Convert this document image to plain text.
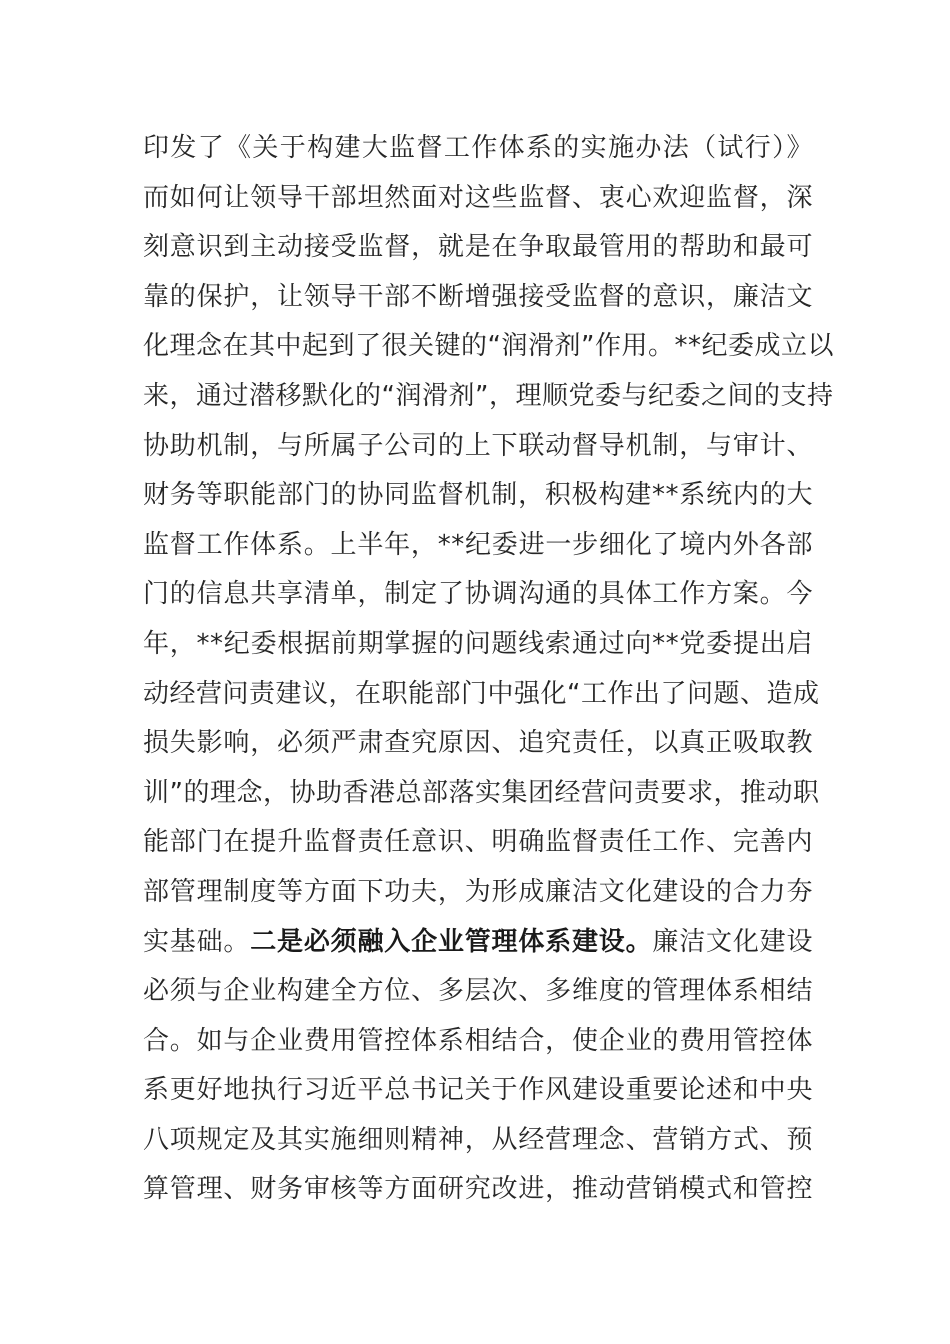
印发了《关于构建大监督工作体系的实施办法（试行）》
而如何让领导干部坦然面对这些监督、衷心欢迎监督，深
刻意识到主动接受监督，就是在争取最管用的帮助和最可
靠的保护，让领导干部不断增强接受监督的意识，廉洁文
化理念在其中起到了很关键的“润滑剂”作用。**纪委成立以
来，通过潜移默化的“润滑剂”，理顺党委与纪委之间的支持
协助机制，与所属子公司的上下联动督导机制，与审计、
财务等职能部门的协同监督机制，积极构建**系统内的大
监督工作体系。上半年，**纪委进一步细化了境内外各部
门的信息共享清单，制定了协调沟通的具体工作方案。今
年，**纪委根据前期掌握的问题线索通过向**党委提出启
动经营问责建议，在职能部门中强化“工作出了问题、造成
损失影响，必须严肃查究原因、追究责任，以真正吸取教
训”的理念，协助香港总部落实集团经营问责要求，推动职
能部门在提升监督责任意识、明确监督责任工作、完善内
部管理制度等方面下功夫，为形成廉洁文化建设的合力夯
实基础。二是必须融入企业管理体系建设。廉洁文化建设
必须与企业构建全方位、多层次、多维度的管理体系相结
合。如与企业费用管控体系相结合，使企业的费用管控体
系更好地执行习近平总书记关于作风建设重要论述和中央
八项规定及其实施细则精神，从经营理念、营销方式、预
算管理、财务审核等方面研究改进，推动营销模式和管控
